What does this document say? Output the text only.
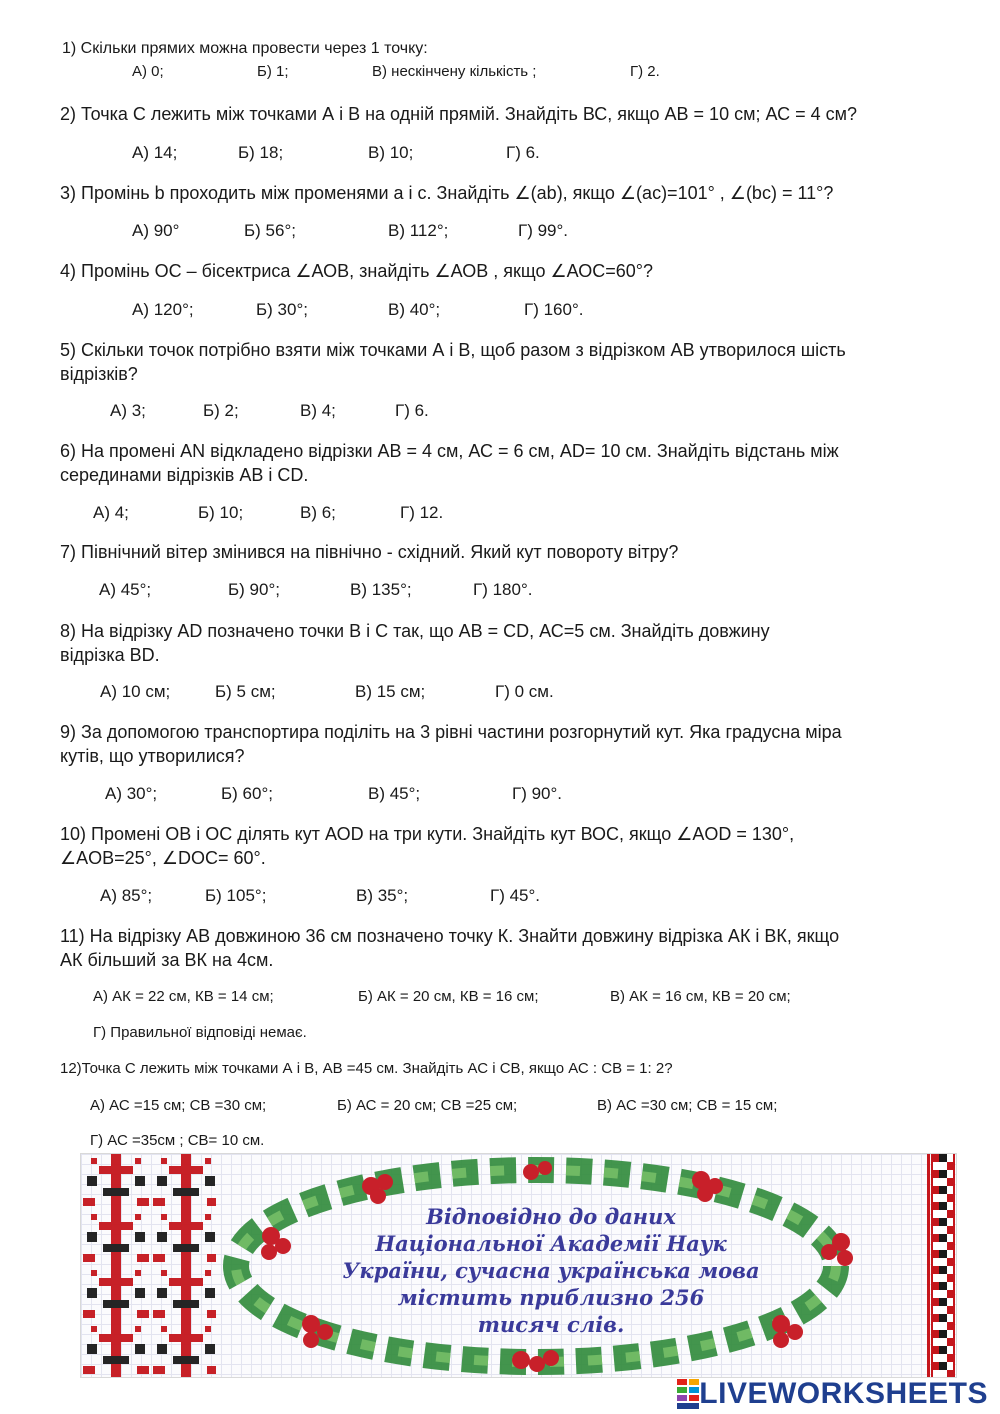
1) Скільки прямих можна провести через 1 точку:
А) 0;	Б) 1;	В) нескінчену кількість ;	Г) 2.
2) Точка С лежить між точками А і В на одній прямій. Знайдіть ВС, якщо АВ = 10 см; АС = 4 см?
А) 14;	Б) 18;	В) 10;	Г) 6.
3) Промінь b проходить між променями a і c. Знайдіть ∠(ab), якщо ∠(ac)=101° , ∠(bc) = 11°?
А) 90°	Б) 56°;	В) 112°;	Г) 99°.
4) Промінь ОС – бісектриса ∠АОВ, знайдіть ∠АОВ , якщо ∠АОС=60°?
А) 120°;	Б) 30°;	В) 40°;	Г) 160°.
5) Скільки точок потрібно взяти між точками А і В, щоб разом з відрізком АВ утворилося шість
відрізків?
А) 3;	Б) 2;	В) 4;	Г) 6.
6) На промені АN відкладено відрізки АВ = 4 см, АС = 6 см, АD= 10 см. Знайдіть відстань між
серединами відрізків АВ і СD.
А) 4;	Б) 10;	В) 6;	Г) 12.
7) Північний вітер змінився на північно - східний. Який кут повороту вітру?
А) 45°;	Б) 90°;	В) 135°;	Г) 180°.
8) На відрізку АD позначено точки В і С так, що АВ = СD, АС=5 см. Знайдіть довжину
відрізка ВD.
А) 10 см;	Б) 5 см;	В) 15 см;	Г) 0 см.
9) За допомогою транспортира поділіть на 3 рівні частини розгорнутий кут. Яка градусна міра
кутів, що утворилися?
А) 30°;	Б) 60°;	В) 45°;	Г) 90°.
10) Промені ОВ і ОС ділять кут АОD на три кути. Знайдіть кут ВОС, якщо ∠AOD = 130°,
∠AOB=25°, ∠DOC= 60°.
А) 85°;	Б) 105°;	В) 35°;	Г) 45°.
11) На відрізку АВ довжиною 36 см позначено точку К. Знайти довжину відрізка АК і ВК, якщо
АК більший за ВК на 4см.
А) АК = 22 см, КВ = 14 см;	Б) АК = 20 см, КВ = 16 см;	В) АК = 16 см, КВ = 20 см;
Г) Правильної відповіді немає.
12)Точка С лежить між точками А і В, АВ =45 см. Знайдіть АС і СВ, якщо АС : СВ = 1: 2?
А) АС =15 см; СВ =30 см;	Б) АС = 20 см; СВ =25 см;	В) АС =30 см; СВ = 15 см;
Г) АС =35см ; СВ= 10 см.
Відповідно до даних
Національної Академії Наук
України, сучасна українська мова
містить приблизно 256
тисяч слів.
LIVEWORKSHEETS
